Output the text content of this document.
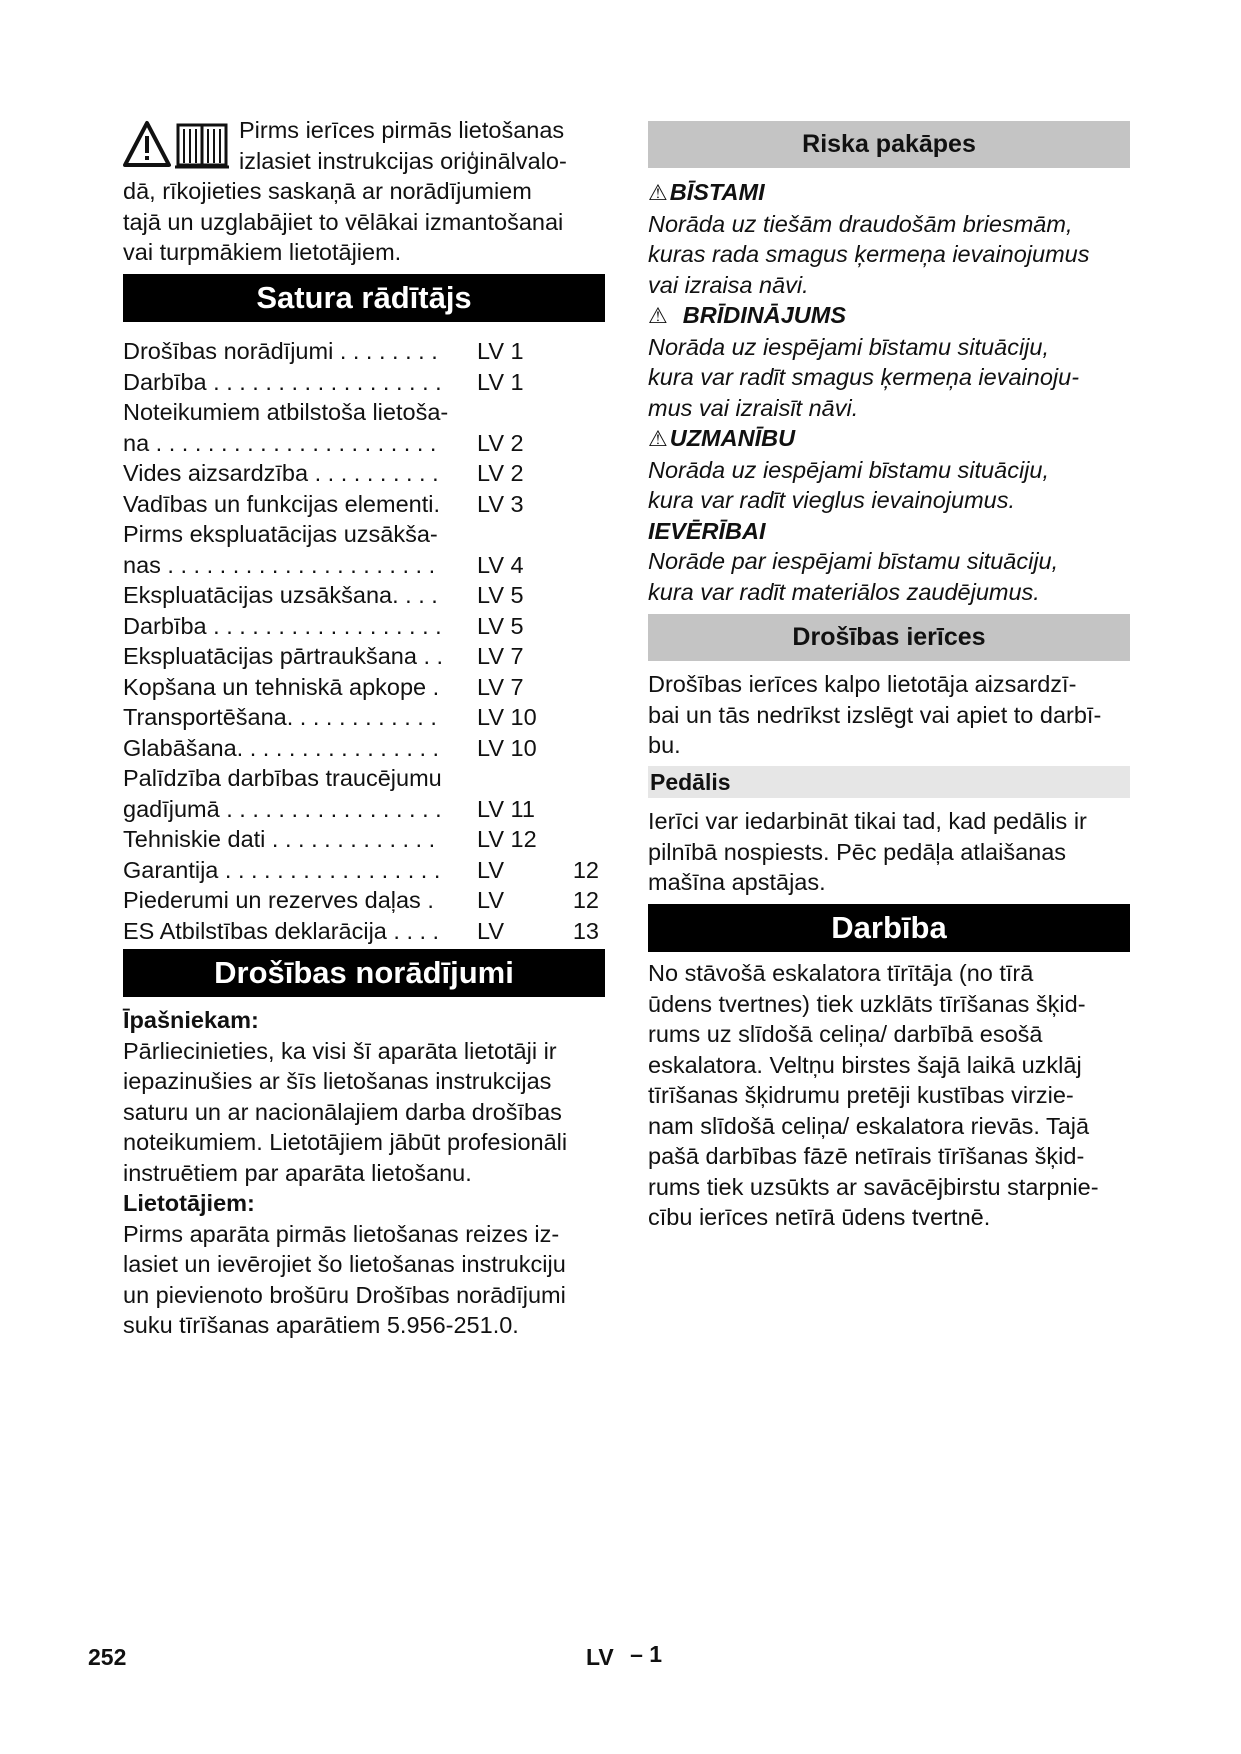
Pirms ierīces pirmās lietošanas
izlasiet instrukcijas oriģinālvalo-
dā, rīkojieties saskaņā ar norādījumiem
tajā un uzglabājiet to vēlākai izmantošanai
vai turpmākiem lietotājiem.
Satura rādītājs
Drošības norādījumi . . . . . . . . LV 1
Darbība . . . . . . . . . . . . . . . . . . LV 1
Noteikumiem atbilstoša lietoša-
na . . . . . . . . . . . . . . . . . . . . . . LV 2
Vides aizsardzība . . . . . . . . . . LV 2
Vadības un funkcijas elementi. LV 3
Pirms ekspluatācijas uzsākša-
nas . . . . . . . . . . . . . . . . . . . . . LV 4
Ekspluatācijas uzsākšana. . . . LV 5
Darbība . . . . . . . . . . . . . . . . . . LV 5
Ekspluatācijas pārtraukšana . . LV 7
Kopšana un tehniskā apkope . LV 7
Transportēšana. . . . . . . . . . . . LV 10
Glabāšana. . . . . . . . . . . . . . . . LV 10
Palīdzība darbības traucējumu
gadījumā . . . . . . . . . . . . . . . . . LV 11
Tehniskie dati . . . . . . . . . . . . . LV 12
Garantija . . . . . . . . . . . . . . . . . LV	12
Piederumi un rezerves daļas . LV	12
ES Atbilstības deklarācija . . . . LV	13
Drošības norādījumi
Īpašniekam:
Pārliecinieties, ka visi šī aparāta lietotāji ir
iepazinušies ar šīs lietošanas instrukcijas
saturu un ar nacionālajiem darba drošības
noteikumiem. Lietotājiem jābūt profesionāli
instruētiem par aparāta lietošanu.
Lietotājiem:
Pirms aparāta pirmās lietošanas reizes iz-
lasiet un ievērojiet šo lietošanas instrukciju
un pievienoto brošūru Drošības norādījumi
suku tīrīšanas aparātiem 5.956-251.0.
Riska pakāpes
⚠BĪSTAMI
Norāda uz tiešām draudošām briesmām,
kuras rada smagus ķermeņa ievainojumus
vai izraisa nāvi.
⚠  BRĪDINĀJUMS
Norāda uz iespējami bīstamu situāciju,
kura var radīt smagus ķermeņa ievainoju-
mus vai izraisīt nāvi.
⚠UZMANĪBU
Norāda uz iespējami bīstamu situāciju,
kura var radīt vieglus ievainojumus.
IEVĒRĪBAI
Norāde par iespējami bīstamu situāciju,
kura var radīt materiālos zaudējumus.
Drošības ierīces
Drošības ierīces kalpo lietotāja aizsardzī-
bai un tās nedrīkst izslēgt vai apiet to darbī-
bu.
Pedālis
Ierīci var iedarbināt tikai tad, kad pedālis ir
pilnībā nospiests. Pēc pedāļa atlaišanas
mašīna apstājas.
Darbība
No stāvošā eskalatora tīrītāja (no tīrā
ūdens tvertnes) tiek uzklāts tīrīšanas šķid-
rums uz slīdošā celiņa/ darbībā esošā
eskalatora. Veltņu birstes šajā laikā uzklāj
tīrīšanas šķidrumu pretēji kustības virzie-
nam slīdošā celiņa/ eskalatora rievās. Tajā
pašā darbības fāzē netīrais tīrīšanas šķid-
rums tiek uzsūkts ar savācējbirstu starpnie-
cību ierīces netīrā ūdens tvertnē.
252	LV – 1
